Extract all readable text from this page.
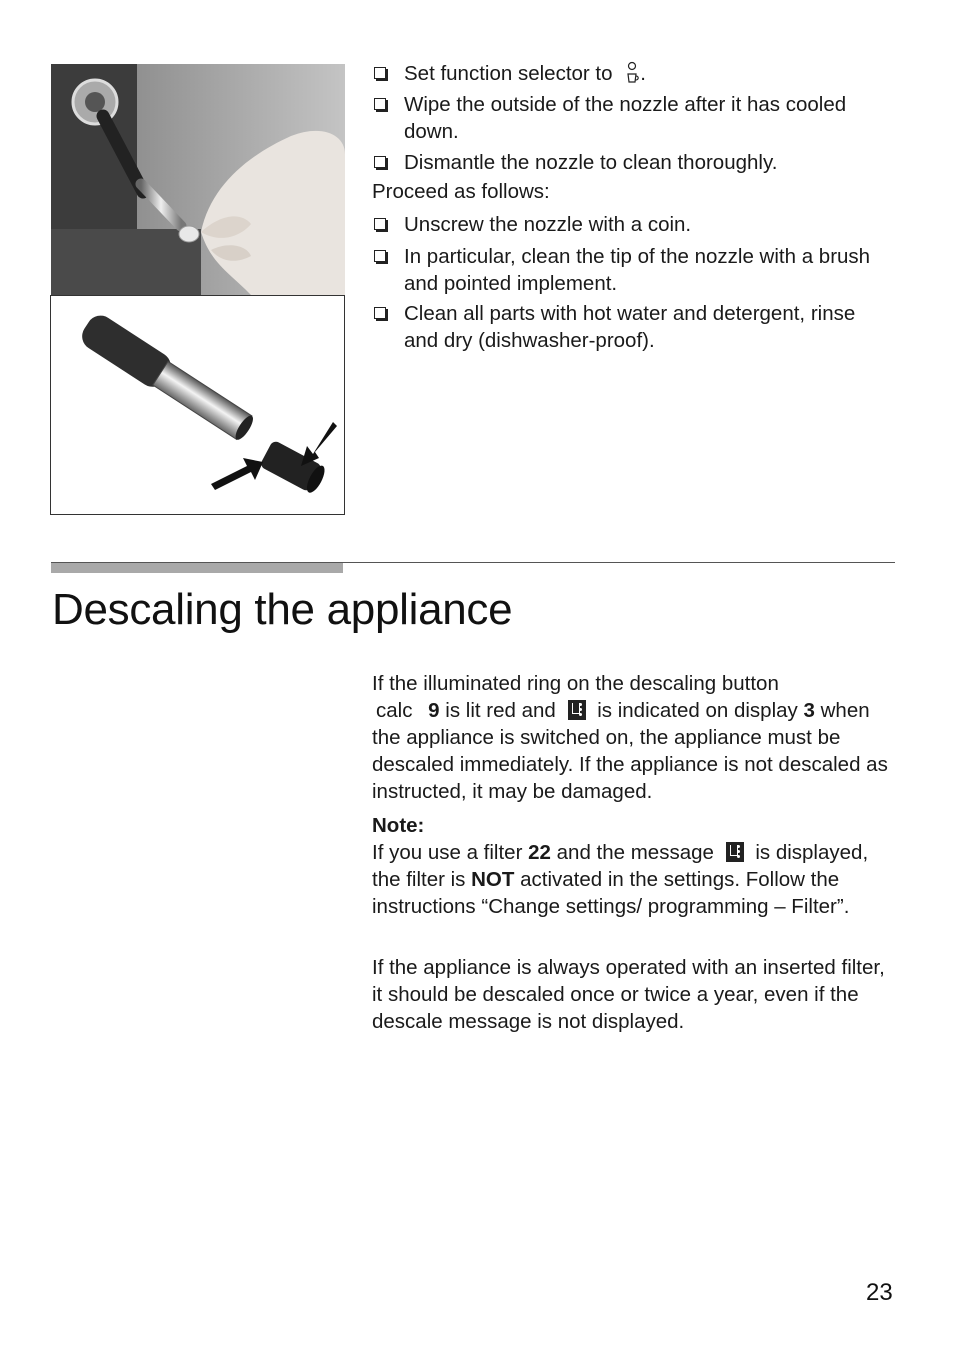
Set function selector to .
Wipe the outside of the nozzle after it has cooled down.
Dismantle the nozzle to clean thoroughly.
Proceed as follows:
Unscrew the nozzle with a coin.
In particular, clean the tip of the nozzle with a brush and pointed implement.
Clean all parts with hot water and detergent, rinse and dry (dishwasher-proof).
Descaling the appliance
If the illuminated ring on the descaling button
calc 9 is lit red and is indicated on display 3 when the appliance is switched on, the appliance must be descaled immediately. If the appliance is not descaled as instructed, it may be damaged.
Note:
If you use a filter 22 and the message is displayed, the filter is NOT activated in the settings. Follow the instructions “Change settings/ programming – Filter”.
If the appliance is always operated with an inserted filter, it should be descaled once or twice a year, even if the descale message is not displayed.
23
